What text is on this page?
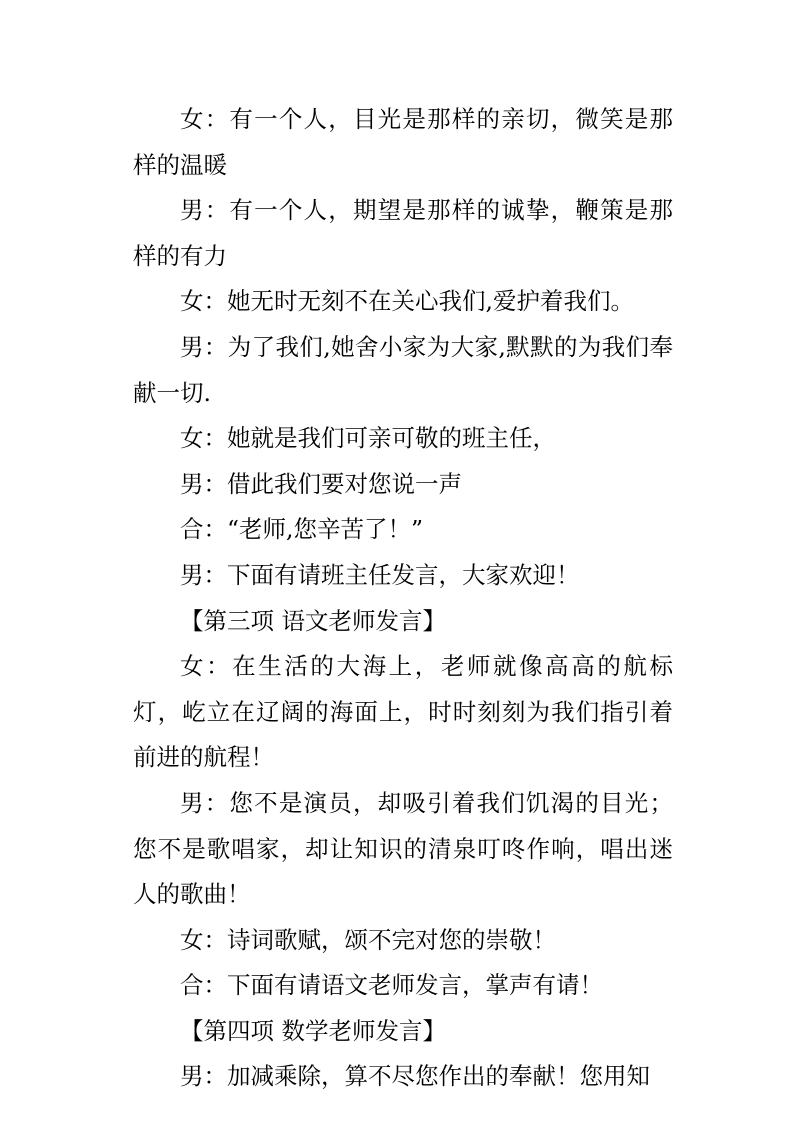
女：有一个人，目光是那样的亲切，微笑是那样的温暖

男：有一个人，期望是那样的诚挚，鞭策是那样的有力

女：她无时无刻不在关心我们,爱护着我们。

男：为了我们,她舍小家为大家,默默的为我们奉献一切.

女：她就是我们可亲可敬的班主任，

男：借此我们要对您说一声

合：“老师,您辛苦了！”

男：下面有请班主任发言，大家欢迎！

【第三项 语文老师发言】

女：在生活的大海上，老师就像高高的航标灯，屹立在辽阔的海面上，时时刻刻为我们指引着前进的航程！

男：您不是演员，却吸引着我们饥渴的目光；您不是歌唱家，却让知识的清泉叮咚作响，唱出迷人的歌曲！

女：诗词歌赋，颂不完对您的崇敬！

合：下面有请语文老师发言，掌声有请！

【第四项 数学老师发言】

男：加减乘除，算不尽您作出的奉献！您用知
